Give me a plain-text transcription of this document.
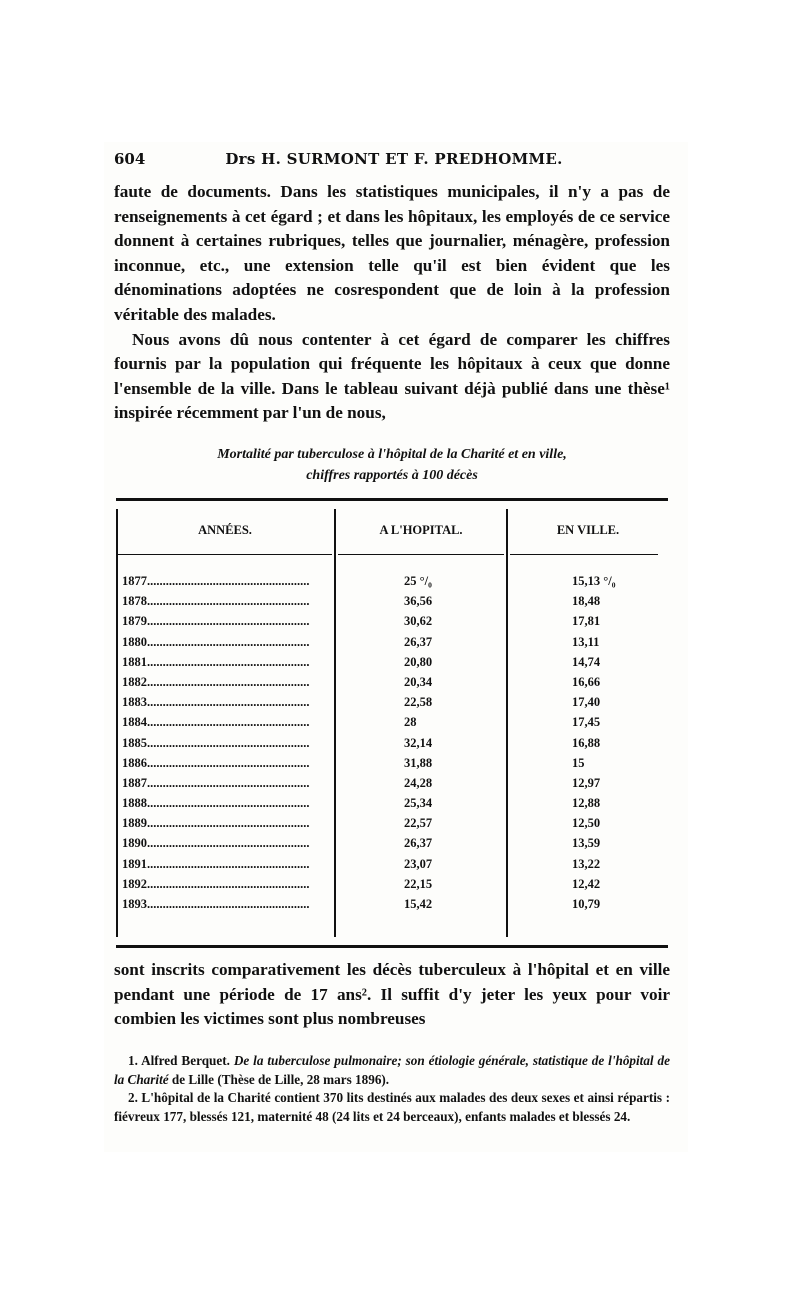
604	Drs H. SURMONT ET F. PREDHOMME.

faute de documents. Dans les statistiques municipales, il n'y a pas de renseignements à cet égard ; et dans les hôpitaux, les employés de ce service donnent à certaines rubriques, telles que journalier, ménagère, profession inconnue, etc., une extension telle qu'il est bien évident que les dénominations adoptées ne cosrespondent que de loin à la profession véritable des malades.

Nous avons dû nous contenter à cet égard de comparer les chiffres fournis par la population qui fréquente les hôpitaux à ceux que donne l'ensemble de la ville. Dans le tableau suivant déjà publié dans une thèse¹ inspirée récemment par l'un de nous,

Mortalité par tuberculose à l'hôpital de la Charité et en ville,
chiffres rapportés à 100 décès
ANNÉES.	A L'HOPITAL.	EN VILLE.
1877....................................................	25 °/₀	15,13 °/₀
1878....................................................	36,56	18,48
1879....................................................	30,62	17,81
1880....................................................	26,37	13,11
1881....................................................	20,80	14,74
1882....................................................	20,34	16,66
1883....................................................	22,58	17,40
1884....................................................	28	17,45
1885....................................................	32,14	16,88
1886....................................................	31,88	15
1887....................................................	24,28	12,97
1888....................................................	25,34	12,88
1889....................................................	22,57	12,50
1890....................................................	26,37	13,59
1891....................................................	23,07	13,22
1892....................................................	22,15	12,42
1893....................................................	15,42	10,79

sont inscrits comparativement les décès tuberculeux à l'hôpital et en ville pendant une période de 17 ans². Il suffit d'y jeter les yeux pour voir combien les victimes sont plus nombreuses

1. Alfred Berquet. De la tuberculose pulmonaire; son étiologie générale, statistique de l'hôpital de la Charité de Lille (Thèse de Lille, 28 mars 1896).

2. L'hôpital de la Charité contient 370 lits destinés aux malades des deux sexes et ainsi répartis : fiévreux 177, blessés 121, maternité 48 (24 lits et 24 berceaux), enfants malades et blessés 24.
